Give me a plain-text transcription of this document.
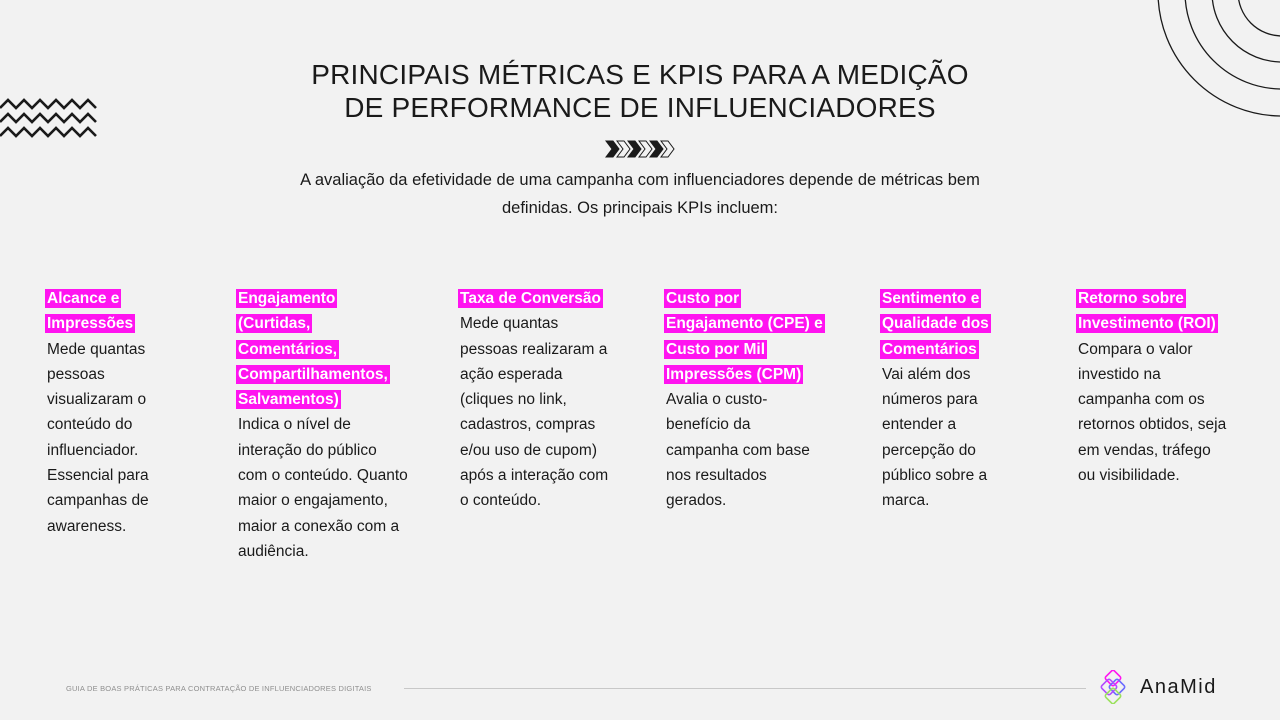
PRINCIPAIS MÉTRICAS E KPIS PARA A MEDIÇÃO
DE PERFORMANCE DE INFLUENCIADORES

A avaliação da efetividade de uma campanha com influenciadores depende de métricas bem definidas. Os principais KPIs incluem:

Alcance e Impressões

Mede quantas pessoas visualizaram o conteúdo do influenciador. Essencial para campanhas de awareness.

Engajamento (Curtidas, Comentários, Compartilhamentos, Salvamentos)

Indica o nível de interação do público com o conteúdo. Quanto maior o engajamento, maior a conexão com a audiência.

Taxa de Conversão

Mede quantas pessoas realizaram a ação esperada (cliques no link, cadastros, compras e/ou uso de cupom) após a interação com o conteúdo.

Custo por Engajamento (CPE) e Custo por Mil Impressões (CPM)

Avalia o custo-benefício da campanha com base nos resultados gerados.

Sentimento e Qualidade dos Comentários

Vai além dos números para entender a percepção do público sobre a marca.

Retorno sobre Investimento (ROI)

Compara o valor investido na campanha com os retornos obtidos, seja em vendas, tráfego ou visibilidade.

GUIA DE BOAS PRÁTICAS PARA CONTRATAÇÃO DE INFLUENCIADORES DIGITAIS	AnaMid
